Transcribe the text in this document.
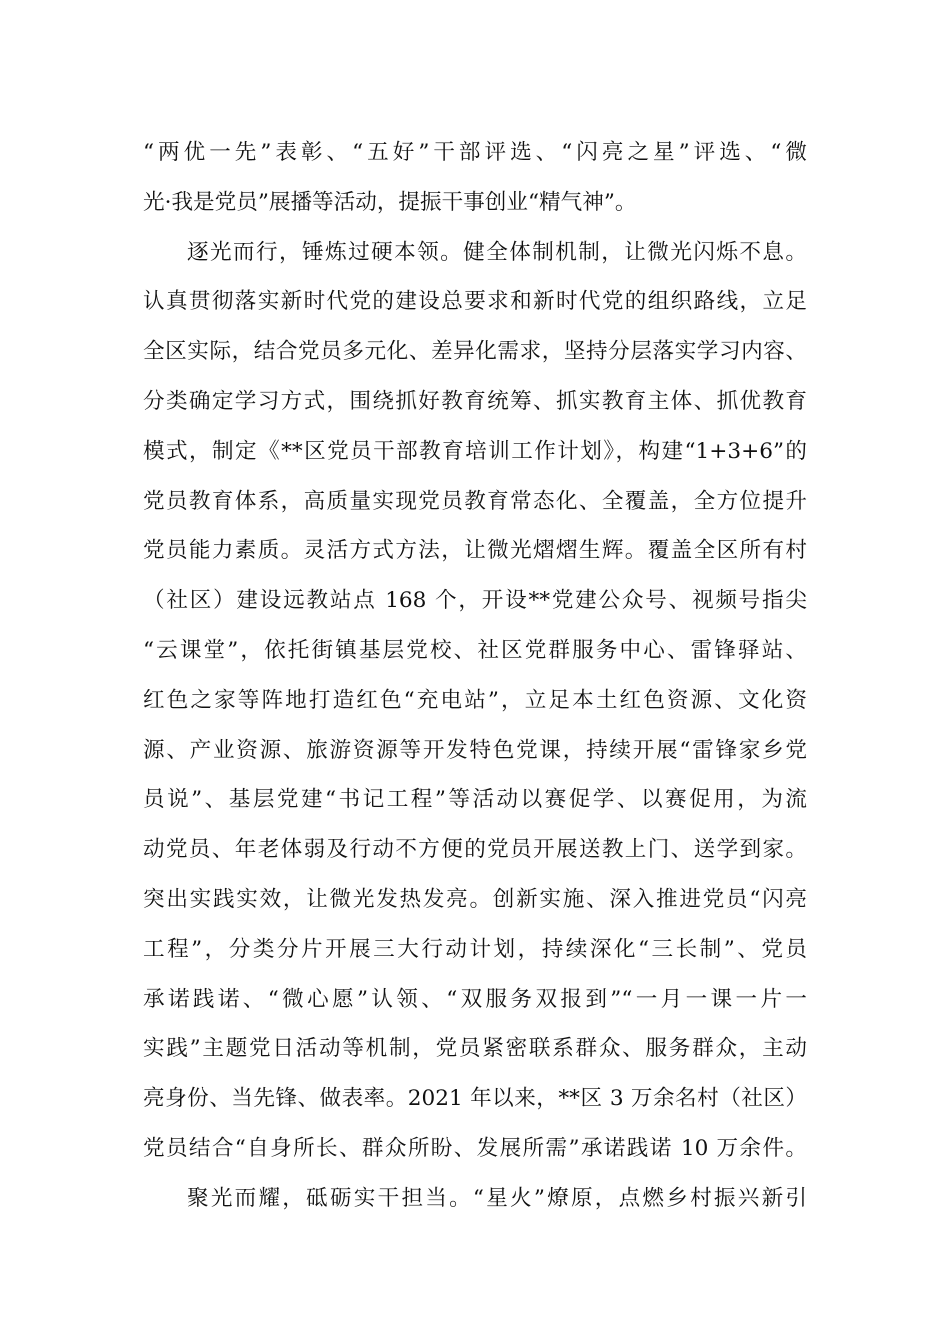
“两优一先”表彰、“五好”干部评选、“闪亮之星”评选、“微
光·我是党员”展播等活动，提振干事创业“精气神”。
逐光而行，锤炼过硬本领。健全体制机制，让微光闪烁不息。
认真贯彻落实新时代党的建设总要求和新时代党的组织路线，立足
全区实际，结合党员多元化、差异化需求，坚持分层落实学习内容、
分类确定学习方式，围绕抓好教育统筹、抓实教育主体、抓优教育
模式，制定《**区党员干部教育培训工作计划》，构建“1+3+6”的
党员教育体系，高质量实现党员教育常态化、全覆盖，全方位提升
党员能力素质。灵活方式方法，让微光熠熠生辉。覆盖全区所有村
（社区）建设远教站点 168 个，开设**党建公众号、视频号指尖
“云课堂”，依托街镇基层党校、社区党群服务中心、雷锋驿站、
红色之家等阵地打造红色“充电站”，立足本土红色资源、文化资
源、产业资源、旅游资源等开发特色党课，持续开展“雷锋家乡党
员说”、基层党建“书记工程”等活动以赛促学、以赛促用，为流
动党员、年老体弱及行动不方便的党员开展送教上门、送学到家。
突出实践实效，让微光发热发亮。创新实施、深入推进党员“闪亮
工程”，分类分片开展三大行动计划，持续深化“三长制”、党员
承诺践诺、“微心愿”认领、“双服务双报到”“一月一课一片一
实践”主题党日活动等机制，党员紧密联系群众、服务群众，主动
亮身份、当先锋、做表率。2021 年以来，**区 3 万余名村（社区）
党员结合“自身所长、群众所盼、发展所需”承诺践诺 10 万余件。
聚光而耀，砥砺实干担当。“星火”燎原，点燃乡村振兴新引
